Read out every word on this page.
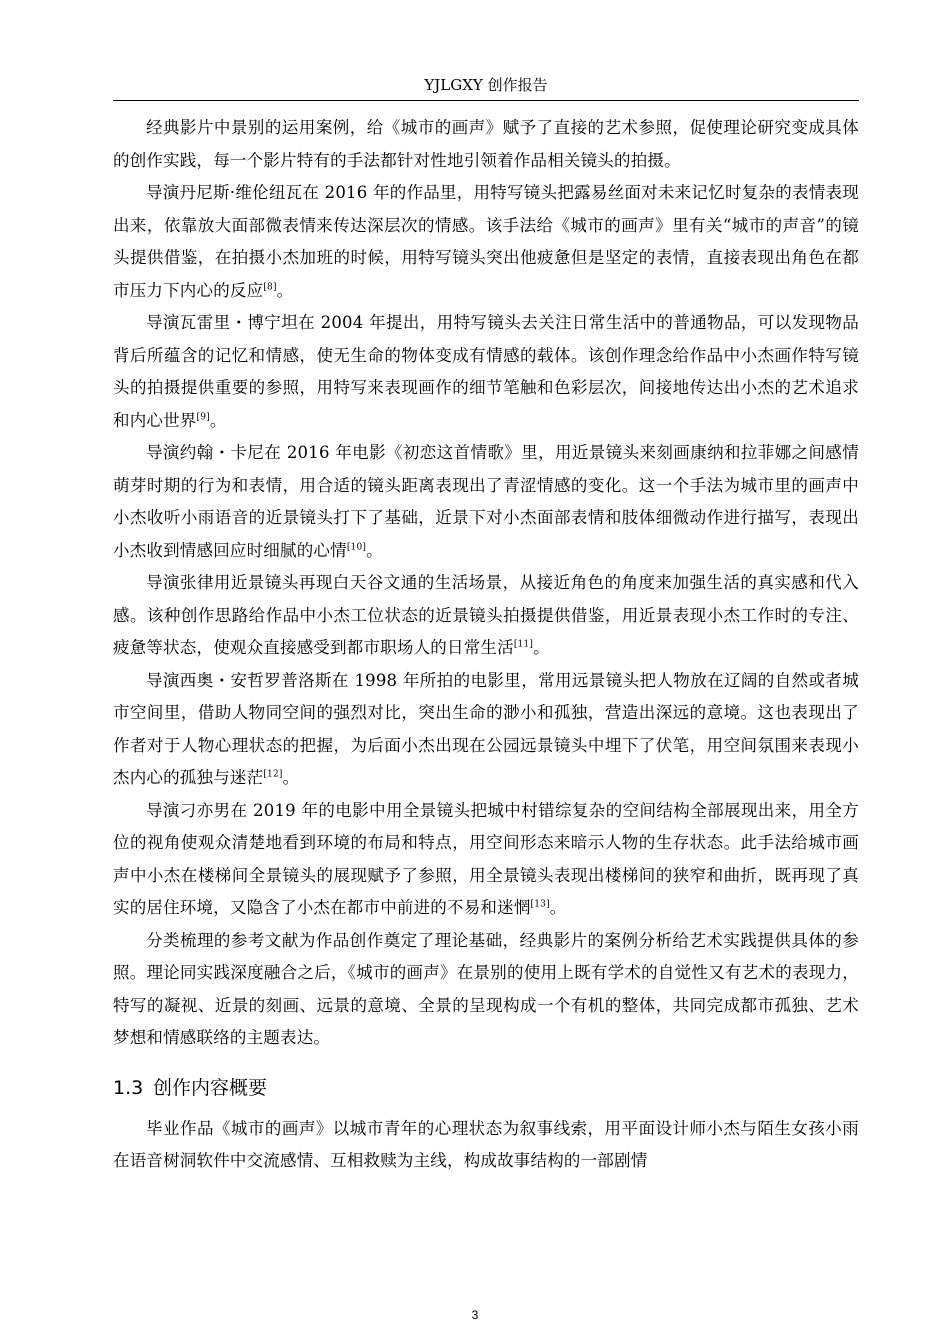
YJLGXY 创作报告

经典影片中景别的运用案例，给《城市的画声》赋予了直接的艺术参照，促使理论研究变成具体的创作实践，每一个影片特有的手法都针对性地引领着作品相关镜头的拍摄。

导演丹尼斯·维伦纽瓦在 2016 年的作品里，用特写镜头把露易丝面对未来记忆时复杂的表情表现出来，依靠放大面部微表情来传达深层次的情感。该手法给《城市的画声》里有关“城市的声音”的镜头提供借鉴，在拍摄小杰加班的时候，用特写镜头突出他疲惫但是坚定的表情，直接表现出角色在都市压力下内心的反应[8]。

导演瓦雷里・博宁坦在 2004 年提出，用特写镜头去关注日常生活中的普通物品，可以发现物品背后所蕴含的记忆和情感，使无生命的物体变成有情感的载体。该创作理念给作品中小杰画作特写镜头的拍摄提供重要的参照，用特写来表现画作的细节笔触和色彩层次，间接地传达出小杰的艺术追求和内心世界[9]。

导演约翰・卡尼在 2016 年电影《初恋这首情歌》里，用近景镜头来刻画康纳和拉菲娜之间感情萌芽时期的行为和表情，用合适的镜头距离表现出了青涩情感的变化。这一个手法为城市里的画声中小杰收听小雨语音的近景镜头打下了基础，近景下对小杰面部表情和肢体细微动作进行描写，表现出小杰收到情感回应时细腻的心情[10]。

导演张律用近景镜头再现白天谷文通的生活场景，从接近角色的角度来加强生活的真实感和代入感。该种创作思路给作品中小杰工位状态的近景镜头拍摄提供借鉴，用近景表现小杰工作时的专注、疲惫等状态，使观众直接感受到都市职场人的日常生活[11]。

导演西奥・安哲罗普洛斯在 1998 年所拍的电影里，常用远景镜头把人物放在辽阔的自然或者城市空间里，借助人物同空间的强烈对比，突出生命的渺小和孤独，营造出深远的意境。这也表现出了作者对于人物心理状态的把握，为后面小杰出现在公园远景镜头中埋下了伏笔，用空间氛围来表现小杰内心的孤独与迷茫[12]。

导演刁亦男在 2019 年的电影中用全景镜头把城中村错综复杂的空间结构全部展现出来，用全方位的视角使观众清楚地看到环境的布局和特点，用空间形态来暗示人物的生存状态。此手法给城市画声中小杰在楼梯间全景镜头的展现赋予了参照，用全景镜头表现出楼梯间的狭窄和曲折，既再现了真实的居住环境，又隐含了小杰在都市中前进的不易和迷惘[13]。

分类梳理的参考文献为作品创作奠定了理论基础，经典影片的案例分析给艺术实践提供具体的参照。理论同实践深度融合之后，《城市的画声》在景别的使用上既有学术的自觉性又有艺术的表现力，特写的凝视、近景的刻画、远景的意境、全景的呈现构成一个有机的整体，共同完成都市孤独、艺术梦想和情感联络的主题表达。

1.3 创作内容概要

毕业作品《城市的画声》以城市青年的心理状态为叙事线索，用平面设计师小杰与陌生女孩小雨在语音树洞软件中交流感情、互相救赎为主线，构成故事结构的一部剧情

3
